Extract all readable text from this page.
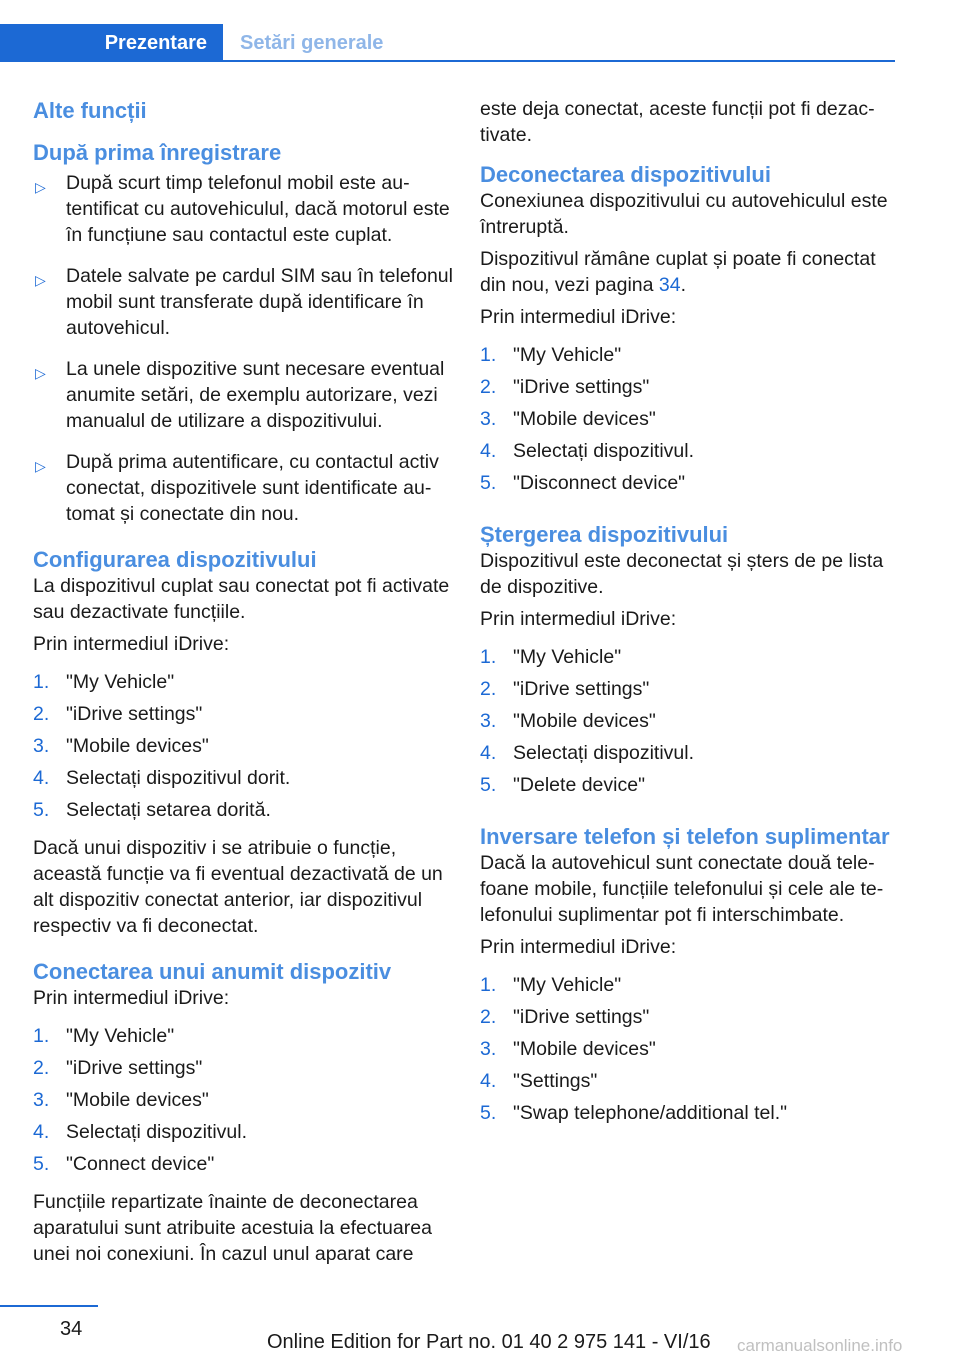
Prezentare	Setări generale
Alte funcții
După prima înregistrare
▷ După scurt timp telefonul mobil este autentificat cu autovehiculul, dacă motorul este în funcțiune sau contactul este cuplat.
▷ Datele salvate pe cardul SIM sau în telefonul mobil sunt transferate după identificare în autovehicul.
▷ La unele dispozitive sunt necesare eventual anumite setări, de exemplu autorizare, vezi manualul de utilizare a dispozitivului.
▷ După prima autentificare, cu contactul activ conectat, dispozitivele sunt identificate automat și conectate din nou.
Configurarea dispozitivului

La dispozitivul cuplat sau conectat pot fi activate sau dezactivate funcțiile.

Prin intermediul iDrive:

1. "My Vehicle"
2. "iDrive settings"
3. "Mobile devices"
4. Selectați dispozitivul dorit.
5. Selectați setarea dorită.

Dacă unui dispozitiv i se atribuie o funcție, această funcție va fi eventual dezactivată de un alt dispozitiv conectat anterior, iar dispozitivul respectiv va fi deconectat.

Conectarea unui anumit dispozitiv

Prin intermediul iDrive:

1. "My Vehicle"
2. "iDrive settings"
3. "Mobile devices"
4. Selectați dispozitivul.
5. "Connect device"

Funcțiile repartizate înainte de deconectarea aparatului sunt atribuite acestuia la efectuarea unei noi conexiuni. În cazul unul aparat care

este deja conectat, aceste funcții pot fi dezactivate.

Deconectarea dispozitivului

Conexiunea dispozitivului cu autovehiculul este întreruptă.

Dispozitivul rămâne cuplat și poate fi conectat din nou, vezi pagina 34.

Prin intermediul iDrive:

1. "My Vehicle"
2. "iDrive settings"
3. "Mobile devices"
4. Selectați dispozitivul.
5. "Disconnect device"
Ștergerea dispozitivului

Dispozitivul este deconectat și șters de pe lista de dispozitive.

Prin intermediul iDrive:

1. "My Vehicle"
2. "iDrive settings"
3. "Mobile devices"
4. Selectați dispozitivul.
5. "Delete device"
Inversare telefon și telefon suplimentar

Dacă la autovehicul sunt conectate două telefoane mobile, funcțiile telefonului și cele ale telefonului suplimentar pot fi interschimbate.

Prin intermediul iDrive:

1. "My Vehicle"
2. "iDrive settings"
3. "Mobile devices"
4. "Settings"
5. "Swap telephone/additional tel."
34
Online Edition for Part no. 01 40 2 975 141 - VI/16 carmanualsonline.info
